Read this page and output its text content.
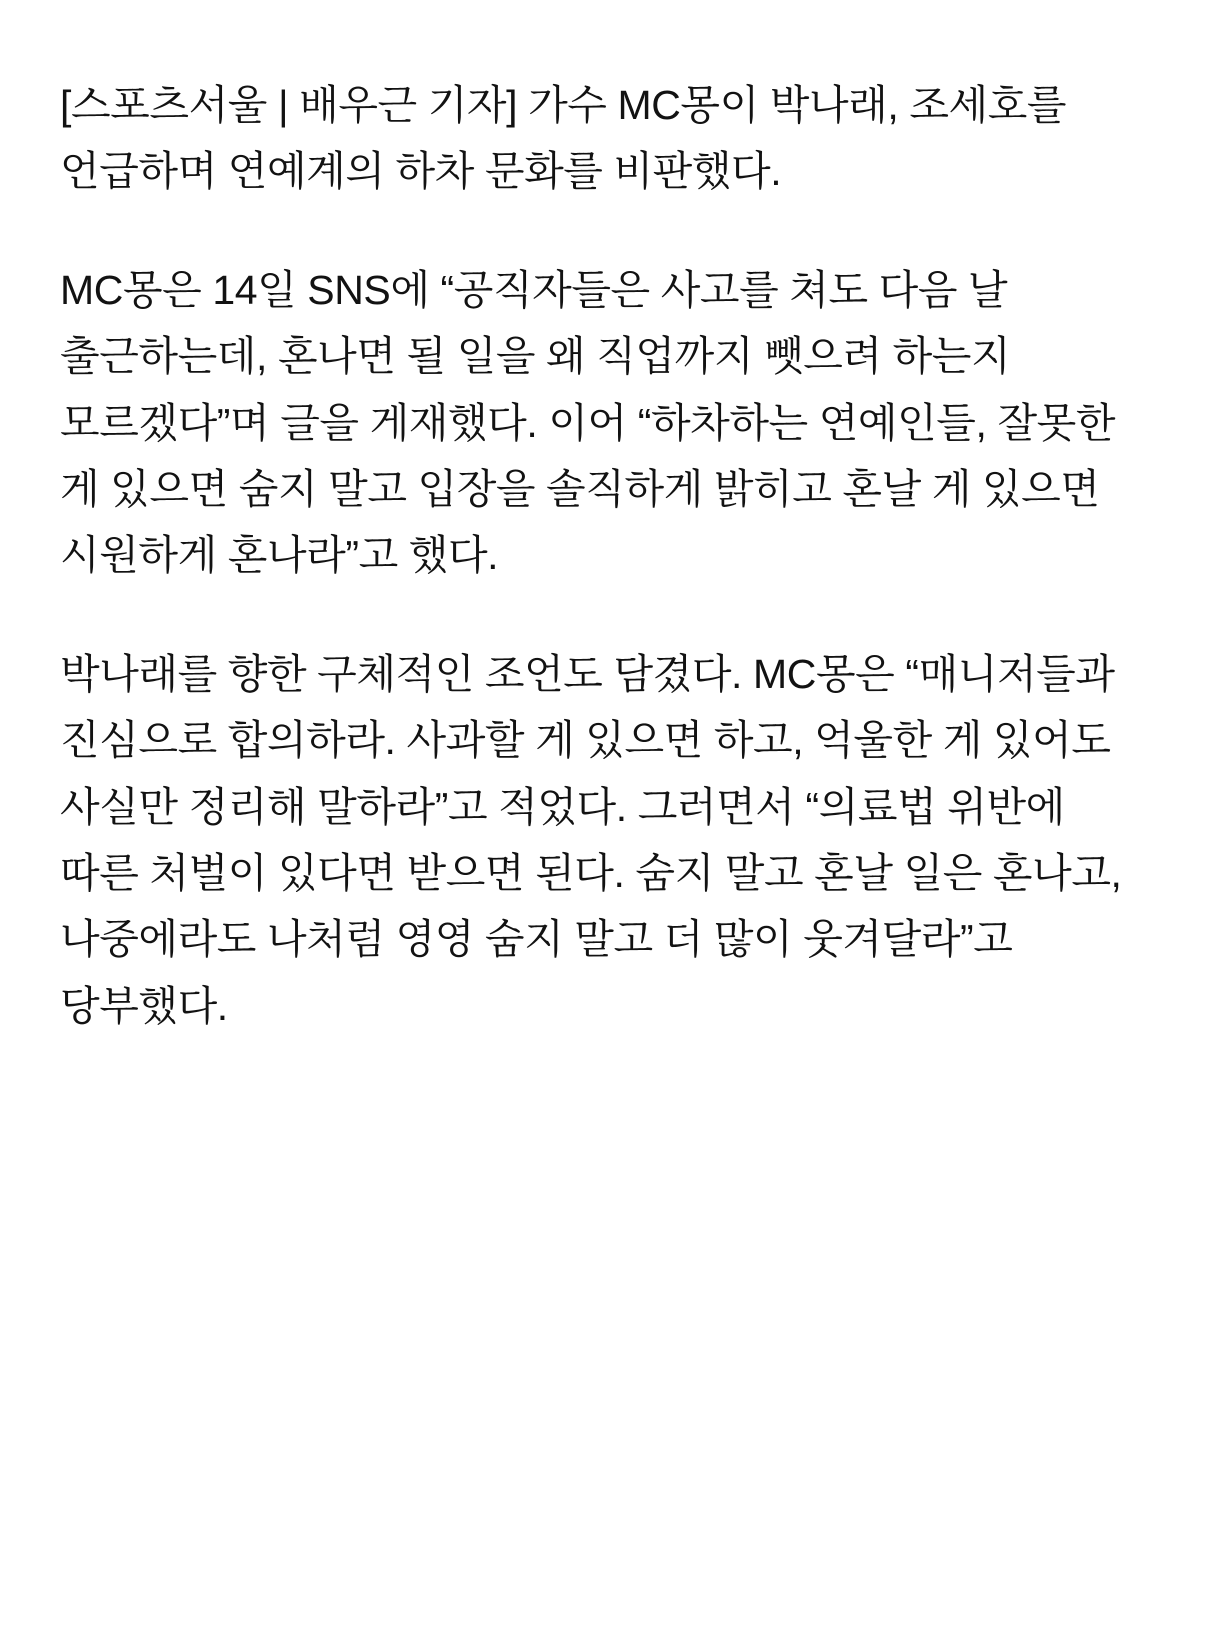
[스포츠서울 | 배우근 기자] 가수 MC몽이 박나래, 조세호를 언급하며 연예계의 하차 문화를 비판했다.

MC몽은 14일 SNS에 “공직자들은 사고를 쳐도 다음 날 출근하는데, 혼나면 될 일을 왜 직업까지 뺏으려 하는지 모르겠다”며 글을 게재했다. 이어 “하차하는 연예인들, 잘못한 게 있으면 숨지 말고 입장을 솔직하게 밝히고 혼날 게 있으면 시원하게 혼나라”고 했다.

박나래를 향한 구체적인 조언도 담겼다. MC몽은 “매니저들과 진심으로 합의하라. 사과할 게 있으면 하고, 억울한 게 있어도 사실만 정리해 말하라”고 적었다. 그러면서 “의료법 위반에 따른 처벌이 있다면 받으면 된다. 숨지 말고 혼날 일은 혼나고, 나중에라도 나처럼 영영 숨지 말고 더 많이 웃겨달라”고 당부했다.
